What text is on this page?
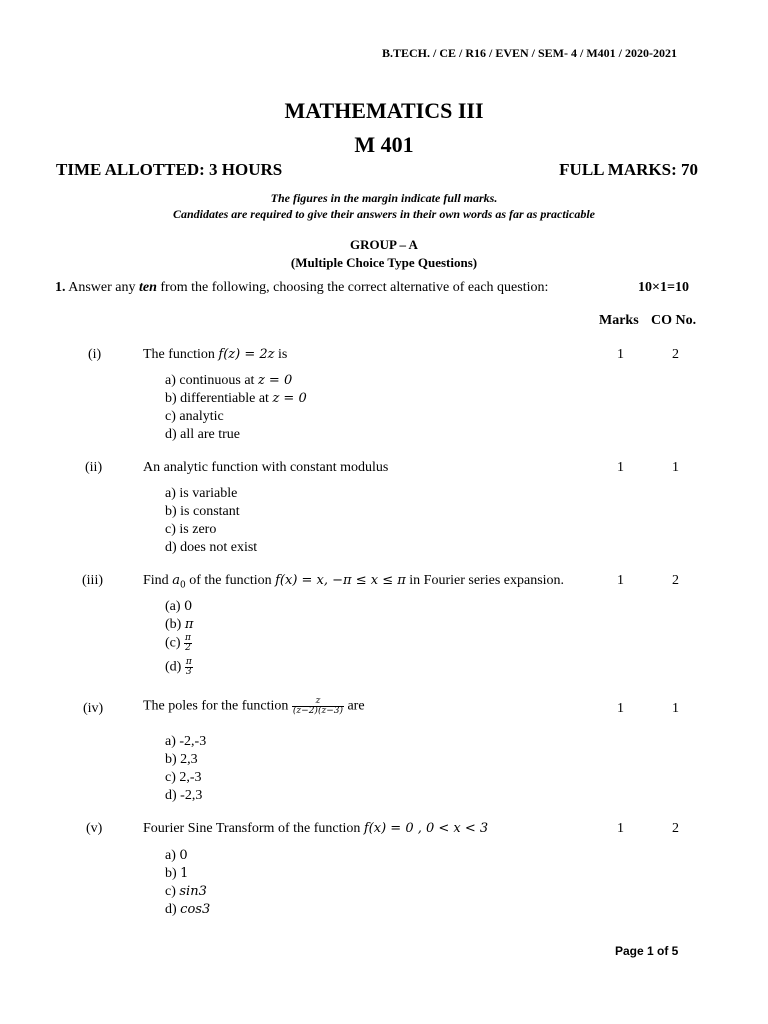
B.TECH. / CE / R16 / EVEN / SEM- 4 / M401 / 2020-2021
MATHEMATICS III
M 401
TIME ALLOTTED: 3 HOURS	FULL MARKS: 70
The figures in the margin indicate full marks.
Candidates are required to give their answers in their own words as far as practicable
GROUP – A
(Multiple Choice Type Questions)
1. Answer any ten from the following, choosing the correct alternative of each question:	10×1=10
Marks CO No.
(i)	The function f(z) = 2z is	1	2
a) continuous at z = 0
b) differentiable at z = 0
c) analytic
d) all are true
(ii)	An analytic function with constant modulus	1	1
a) is variable
b) is constant
c) is zero
d) does not exist
(iii)	Find $a_0$ of the function f(x) = x, −π ≤ x ≤ π in Fourier series expansion.	1	2
(a) 0
(b) π
$(c) \frac{\pi}{2}$
$(d) \frac{\pi}{3}$
(iv)	The poles for the function $\frac{z}{(z-2)(z-3)}$ are	1	1
a) -2,-3
b) 2,3
c) 2,-3
d) -2,3
(v)	Fourier Sine Transform of the function f(x) = 0 , 0 < x < 3	1	2
a) 0
b) 1
c) sin3
d) cos3
Page 1 of 5
